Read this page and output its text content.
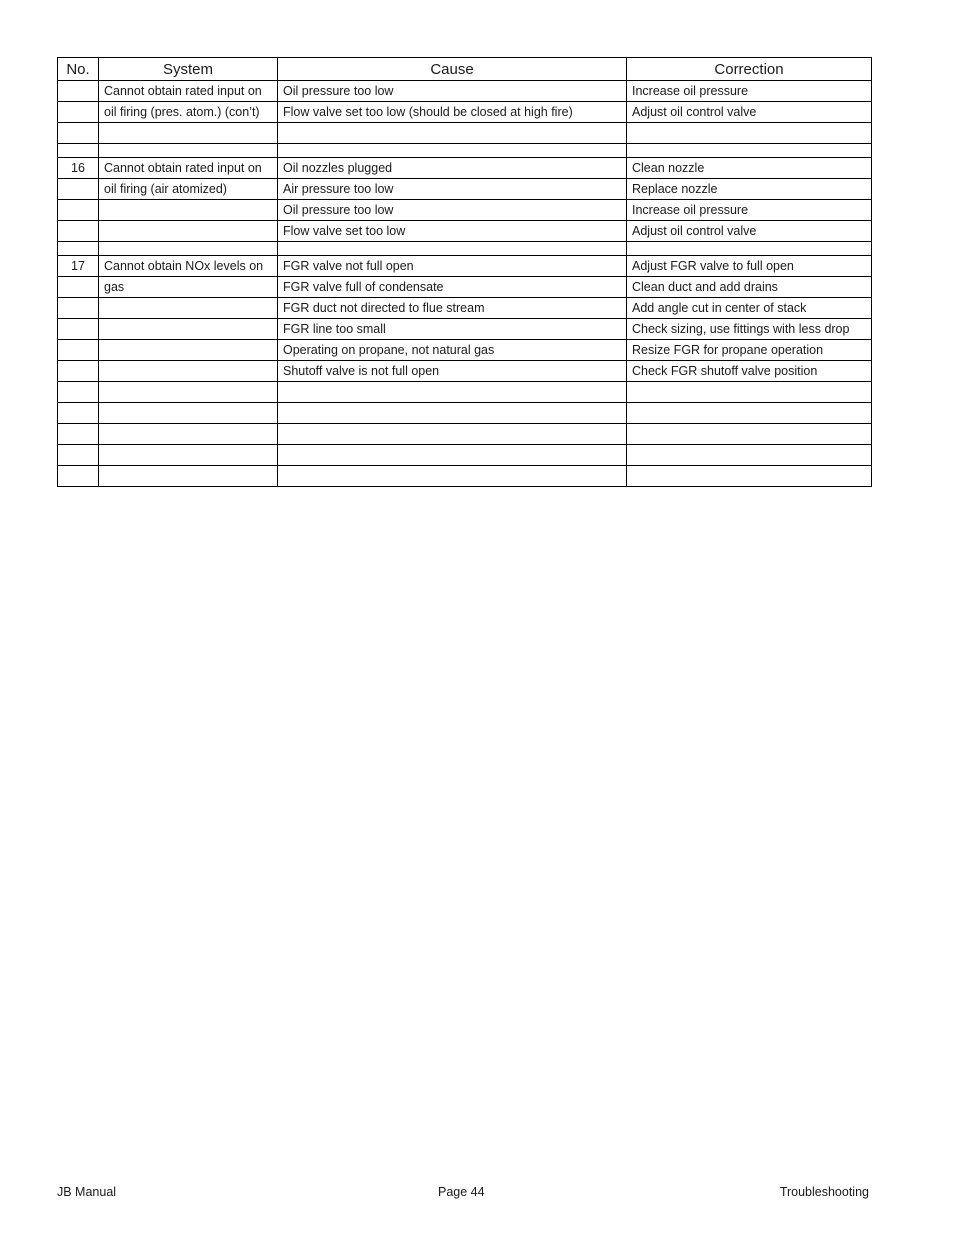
No.	System	Cause	Correction
	Cannot obtain rated input on	Oil pressure too low	Increase oil pressure
	oil firing (pres. atom.) (con’t)	Flow valve set too low (should be closed at high fire)	Adjust oil control valve

16	Cannot obtain rated input on	Oil nozzles plugged	Clean nozzle
	oil firing (air atomized)	Air pressure too low	Replace nozzle
		Oil pressure too low	Increase oil pressure
		Flow valve set too low	Adjust oil control valve

17	Cannot obtain NOx levels on	FGR valve not full open	Adjust FGR valve to full open
	gas	FGR valve full of condensate	Clean duct and add drains
		FGR duct not directed to flue stream	Add angle cut in center of stack
		FGR line too small	Check sizing, use fittings with less drop
		Operating on propane, not natural gas	Resize FGR for propane operation
		Shutoff valve is not full open	Check FGR shutoff valve position

JB Manual	Page 44	Troubleshooting
